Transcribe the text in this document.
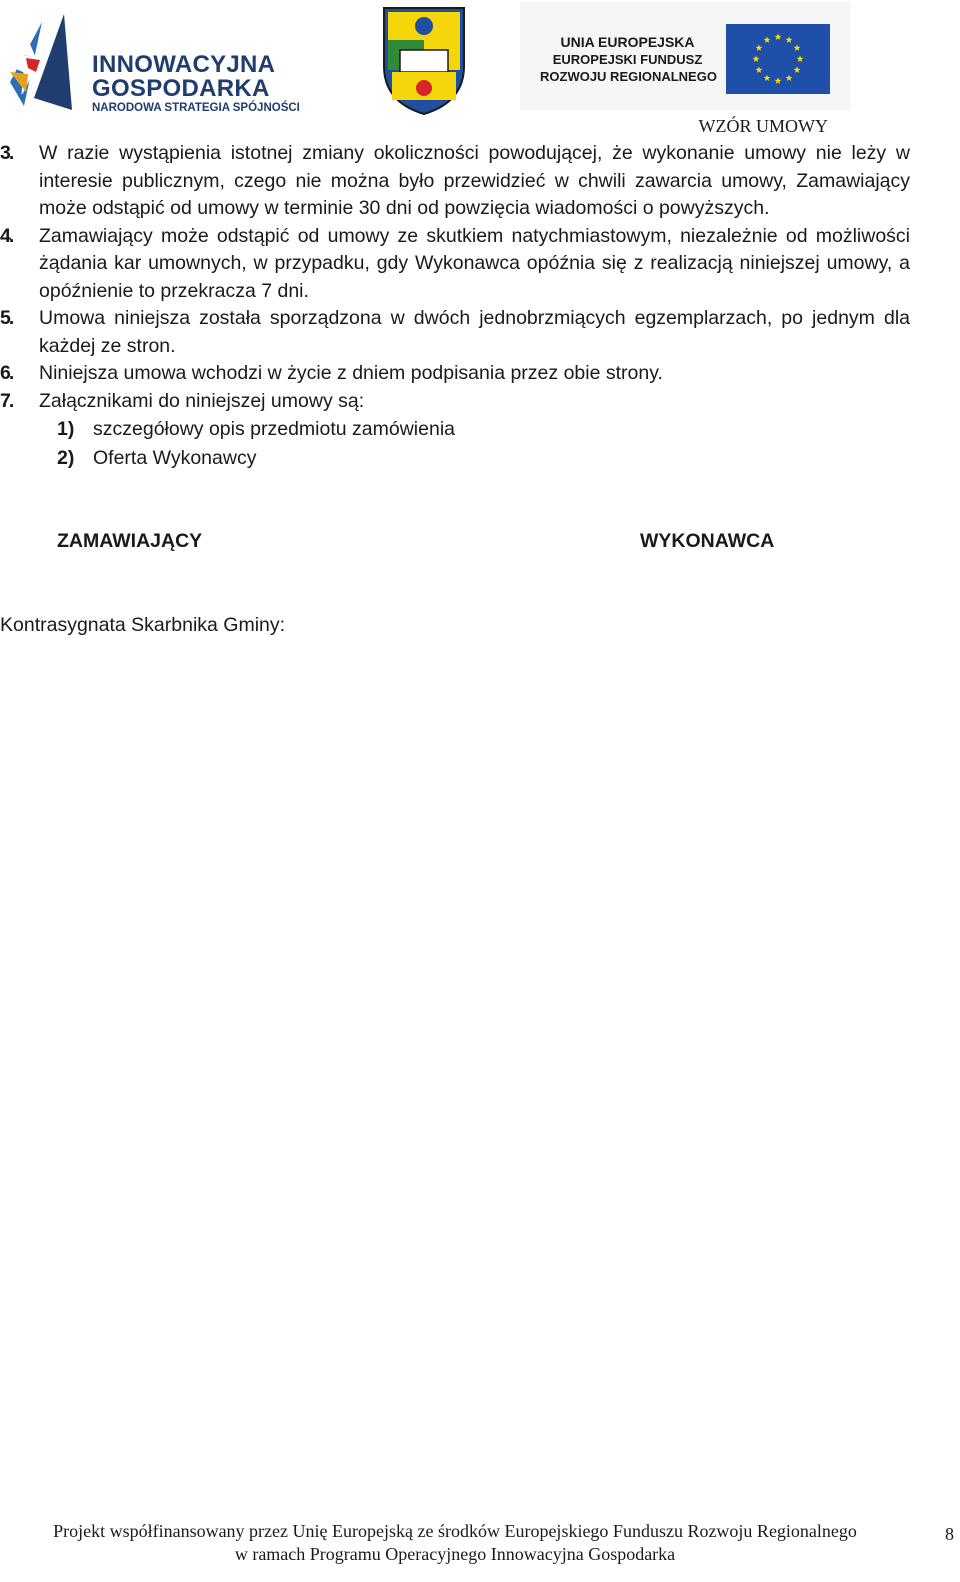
INNOWACYJNA
GOSPODARKA
NARODOWA STRATEGIA SPÓJNOŚCI
UNIA EUROPEJSKA
EUROPEJSKI FUNDUSZ
ROZWOJU REGIONALNEGO
WZÓR UMOWY
3. W razie wystąpienia istotnej zmiany okoliczności powodującej, że wykonanie umowy nie leży w interesie publicznym, czego nie można było przewidzieć w chwili zawarcia umowy, Zamawiający może odstąpić od umowy w terminie 30 dni od powzięcia wiadomości o powyższych.
4. Zamawiający może odstąpić od umowy ze skutkiem natychmiastowym, niezależnie od możliwości żądania kar umownych, w przypadku, gdy Wykonawca opóźnia się z realizacją niniejszej umowy, a opóźnienie to przekracza 7 dni.
5. Umowa niniejsza została sporządzona w dwóch jednobrzmiących egzemplarzach, po jednym dla każdej ze stron.
6. Niniejsza umowa wchodzi w życie z dniem podpisania przez obie strony.
7. Załącznikami do niniejszej umowy są:
1) szczegółowy opis przedmiotu zamówienia
2) Oferta Wykonawcy
ZAMAWIAJĄCY	WYKONAWCA
Kontrasygnata Skarbnika Gminy:
Projekt współfinansowany przez Unię Europejską ze środków Europejskiego Funduszu Rozwoju Regionalnego
w ramach Programu Operacyjnego Innowacyjna Gospodarka
8
